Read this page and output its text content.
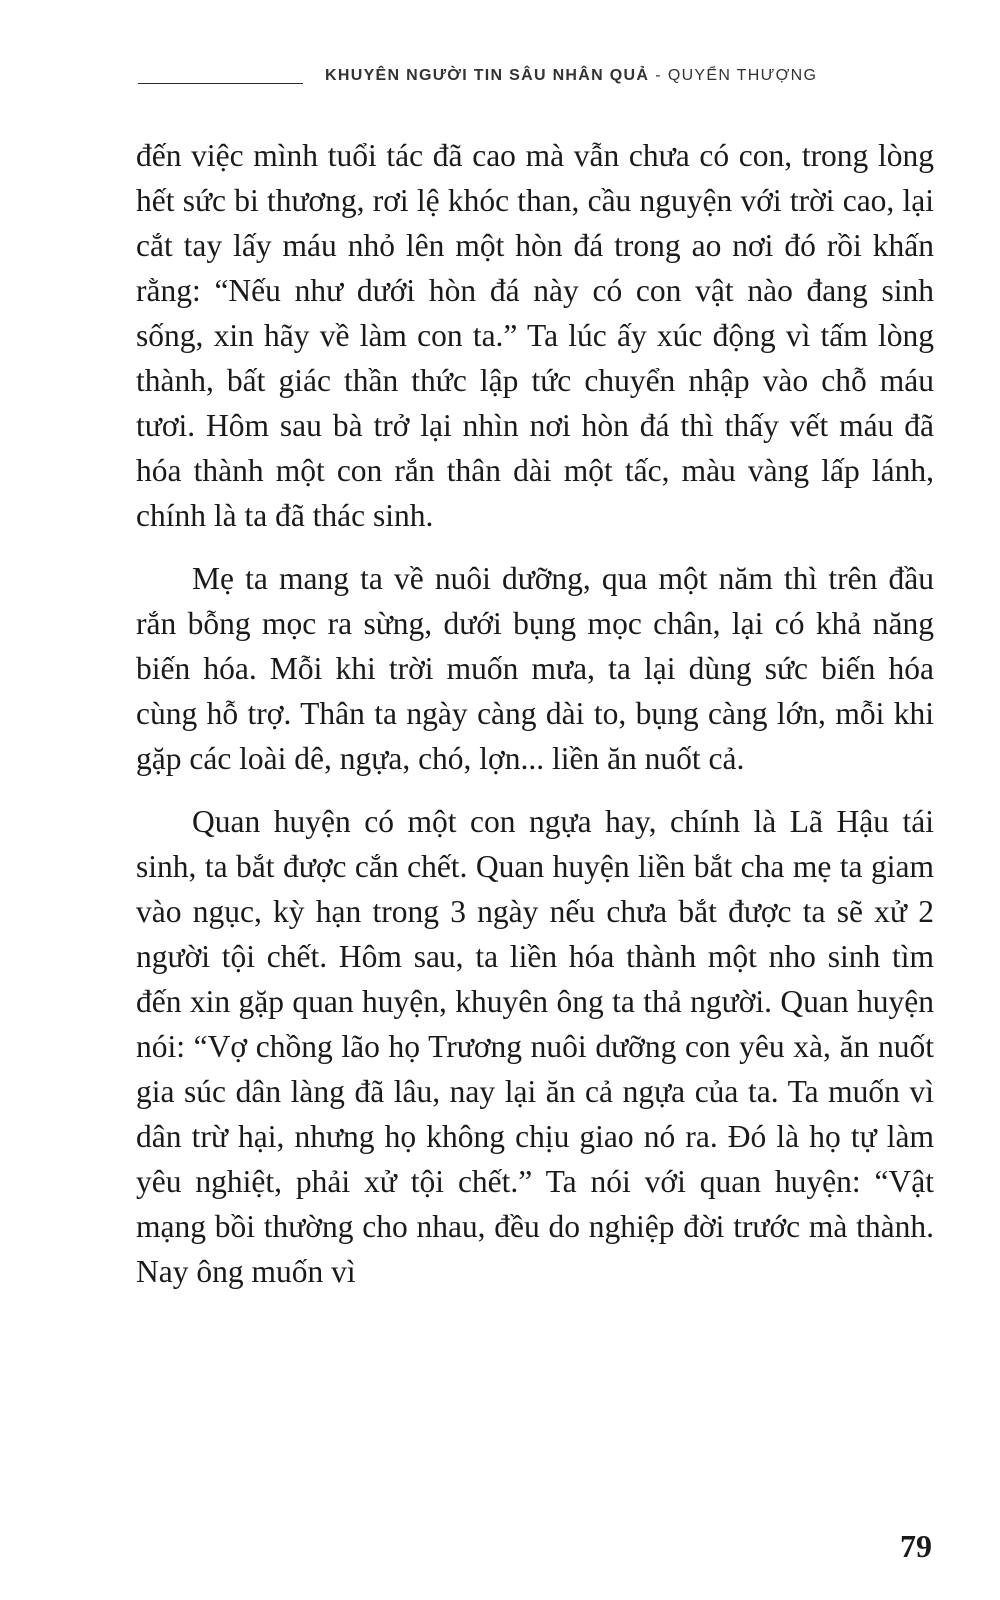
KHUYÊN NGƯỜI TIN SÂU NHÂN QUẢ - QUYỂN THƯỢNG

đến việc mình tuổi tác đã cao mà vẫn chưa có con, trong lòng hết sức bi thương, rơi lệ khóc than, cầu nguyện với trời cao, lại cắt tay lấy máu nhỏ lên một hòn đá trong ao nơi đó rồi khấn rằng: “Nếu như dưới hòn đá này có con vật nào đang sinh sống, xin hãy về làm con ta.” Ta lúc ấy xúc động vì tấm lòng thành, bất giác thần thức lập tức chuyển nhập vào chỗ máu tươi. Hôm sau bà trở lại nhìn nơi hòn đá thì thấy vết máu đã hóa thành một con rắn thân dài một tấc, màu vàng lấp lánh, chính là ta đã thác sinh.

Mẹ ta mang ta về nuôi dưỡng, qua một năm thì trên đầu rắn bỗng mọc ra sừng, dưới bụng mọc chân, lại có khả năng biến hóa. Mỗi khi trời muốn mưa, ta lại dùng sức biến hóa cùng hỗ trợ. Thân ta ngày càng dài to, bụng càng lớn, mỗi khi gặp các loài dê, ngựa, chó, lợn... liền ăn nuốt cả.

Quan huyện có một con ngựa hay, chính là Lã Hậu tái sinh, ta bắt được cắn chết. Quan huyện liền bắt cha mẹ ta giam vào ngục, kỳ hạn trong 3 ngày nếu chưa bắt được ta sẽ xử 2 người tội chết. Hôm sau, ta liền hóa thành một nho sinh tìm đến xin gặp quan huyện, khuyên ông ta thả người. Quan huyện nói: “Vợ chồng lão họ Trương nuôi dưỡng con yêu xà, ăn nuốt gia súc dân làng đã lâu, nay lại ăn cả ngựa của ta. Ta muốn vì dân trừ hại, nhưng họ không chịu giao nó ra. Đó là họ tự làm yêu nghiệt, phải xử tội chết.” Ta nói với quan huyện: “Vật mạng bồi thường cho nhau, đều do nghiệp đời trước mà thành. Nay ông muốn vì

79
